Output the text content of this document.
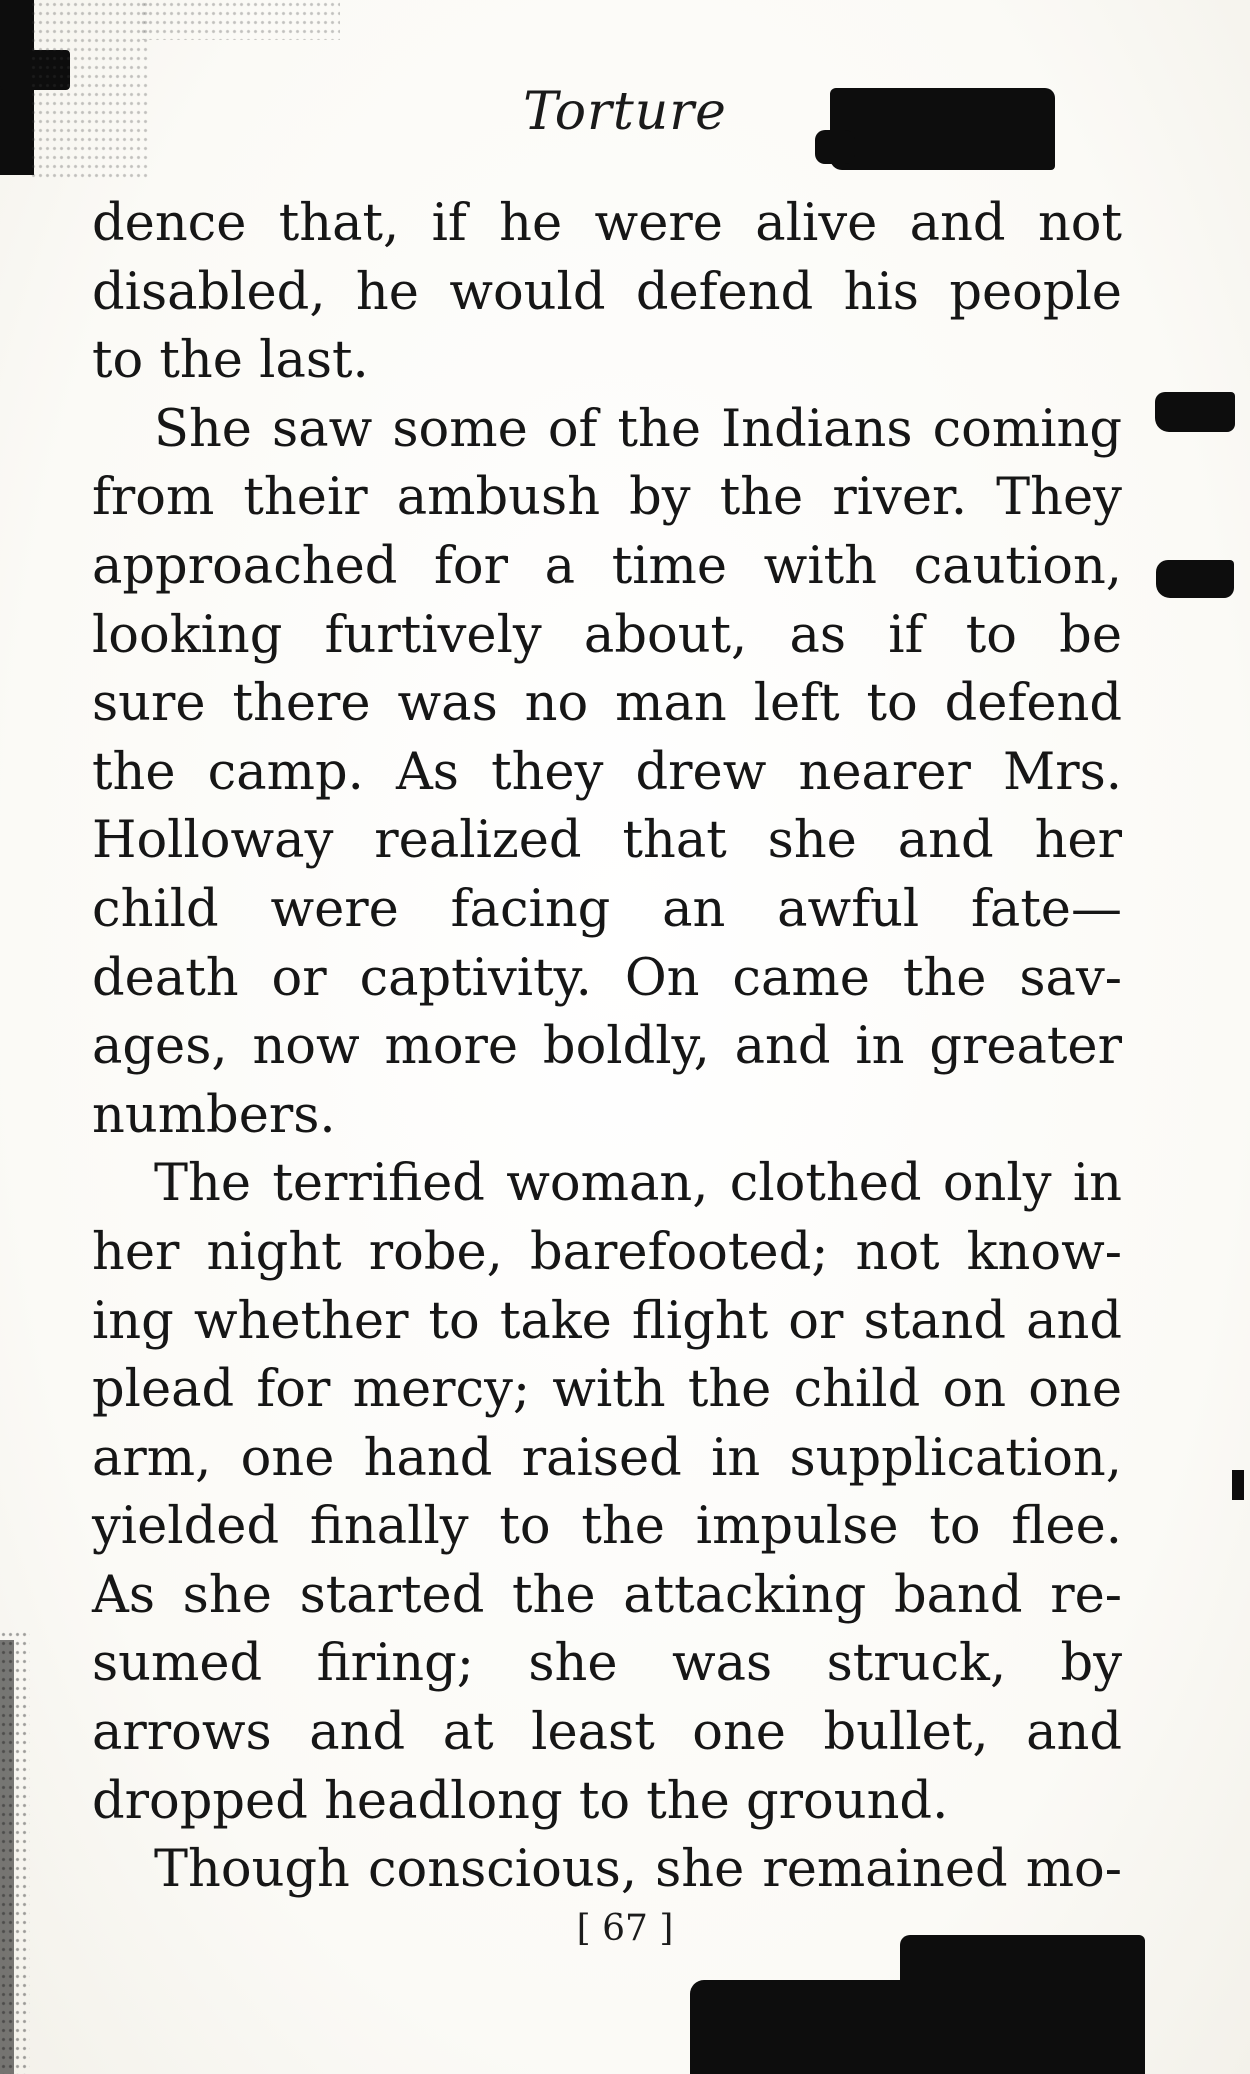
Torture
dence that, if he were alive and not
disabled, he would defend his people
to the last.
She saw some of the Indians coming
from their ambush by the river. They
approached for a time with caution,
looking furtively about, as if to be
sure there was no man left to defend
the camp. As they drew nearer Mrs.
Holloway realized that she and her
child were facing an awful fate—
death or captivity. On came the sav-
ages, now more boldly, and in greater
numbers.
The terrified woman, clothed only in
her night robe, barefooted; not know-
ing whether to take flight or stand and
plead for mercy; with the child on one
arm, one hand raised in supplication,
yielded finally to the impulse to flee.
As she started the attacking band re-
sumed firing; she was struck, by
arrows and at least one bullet, and
dropped headlong to the ground.
Though conscious, she remained mo-
[ 67 ]
